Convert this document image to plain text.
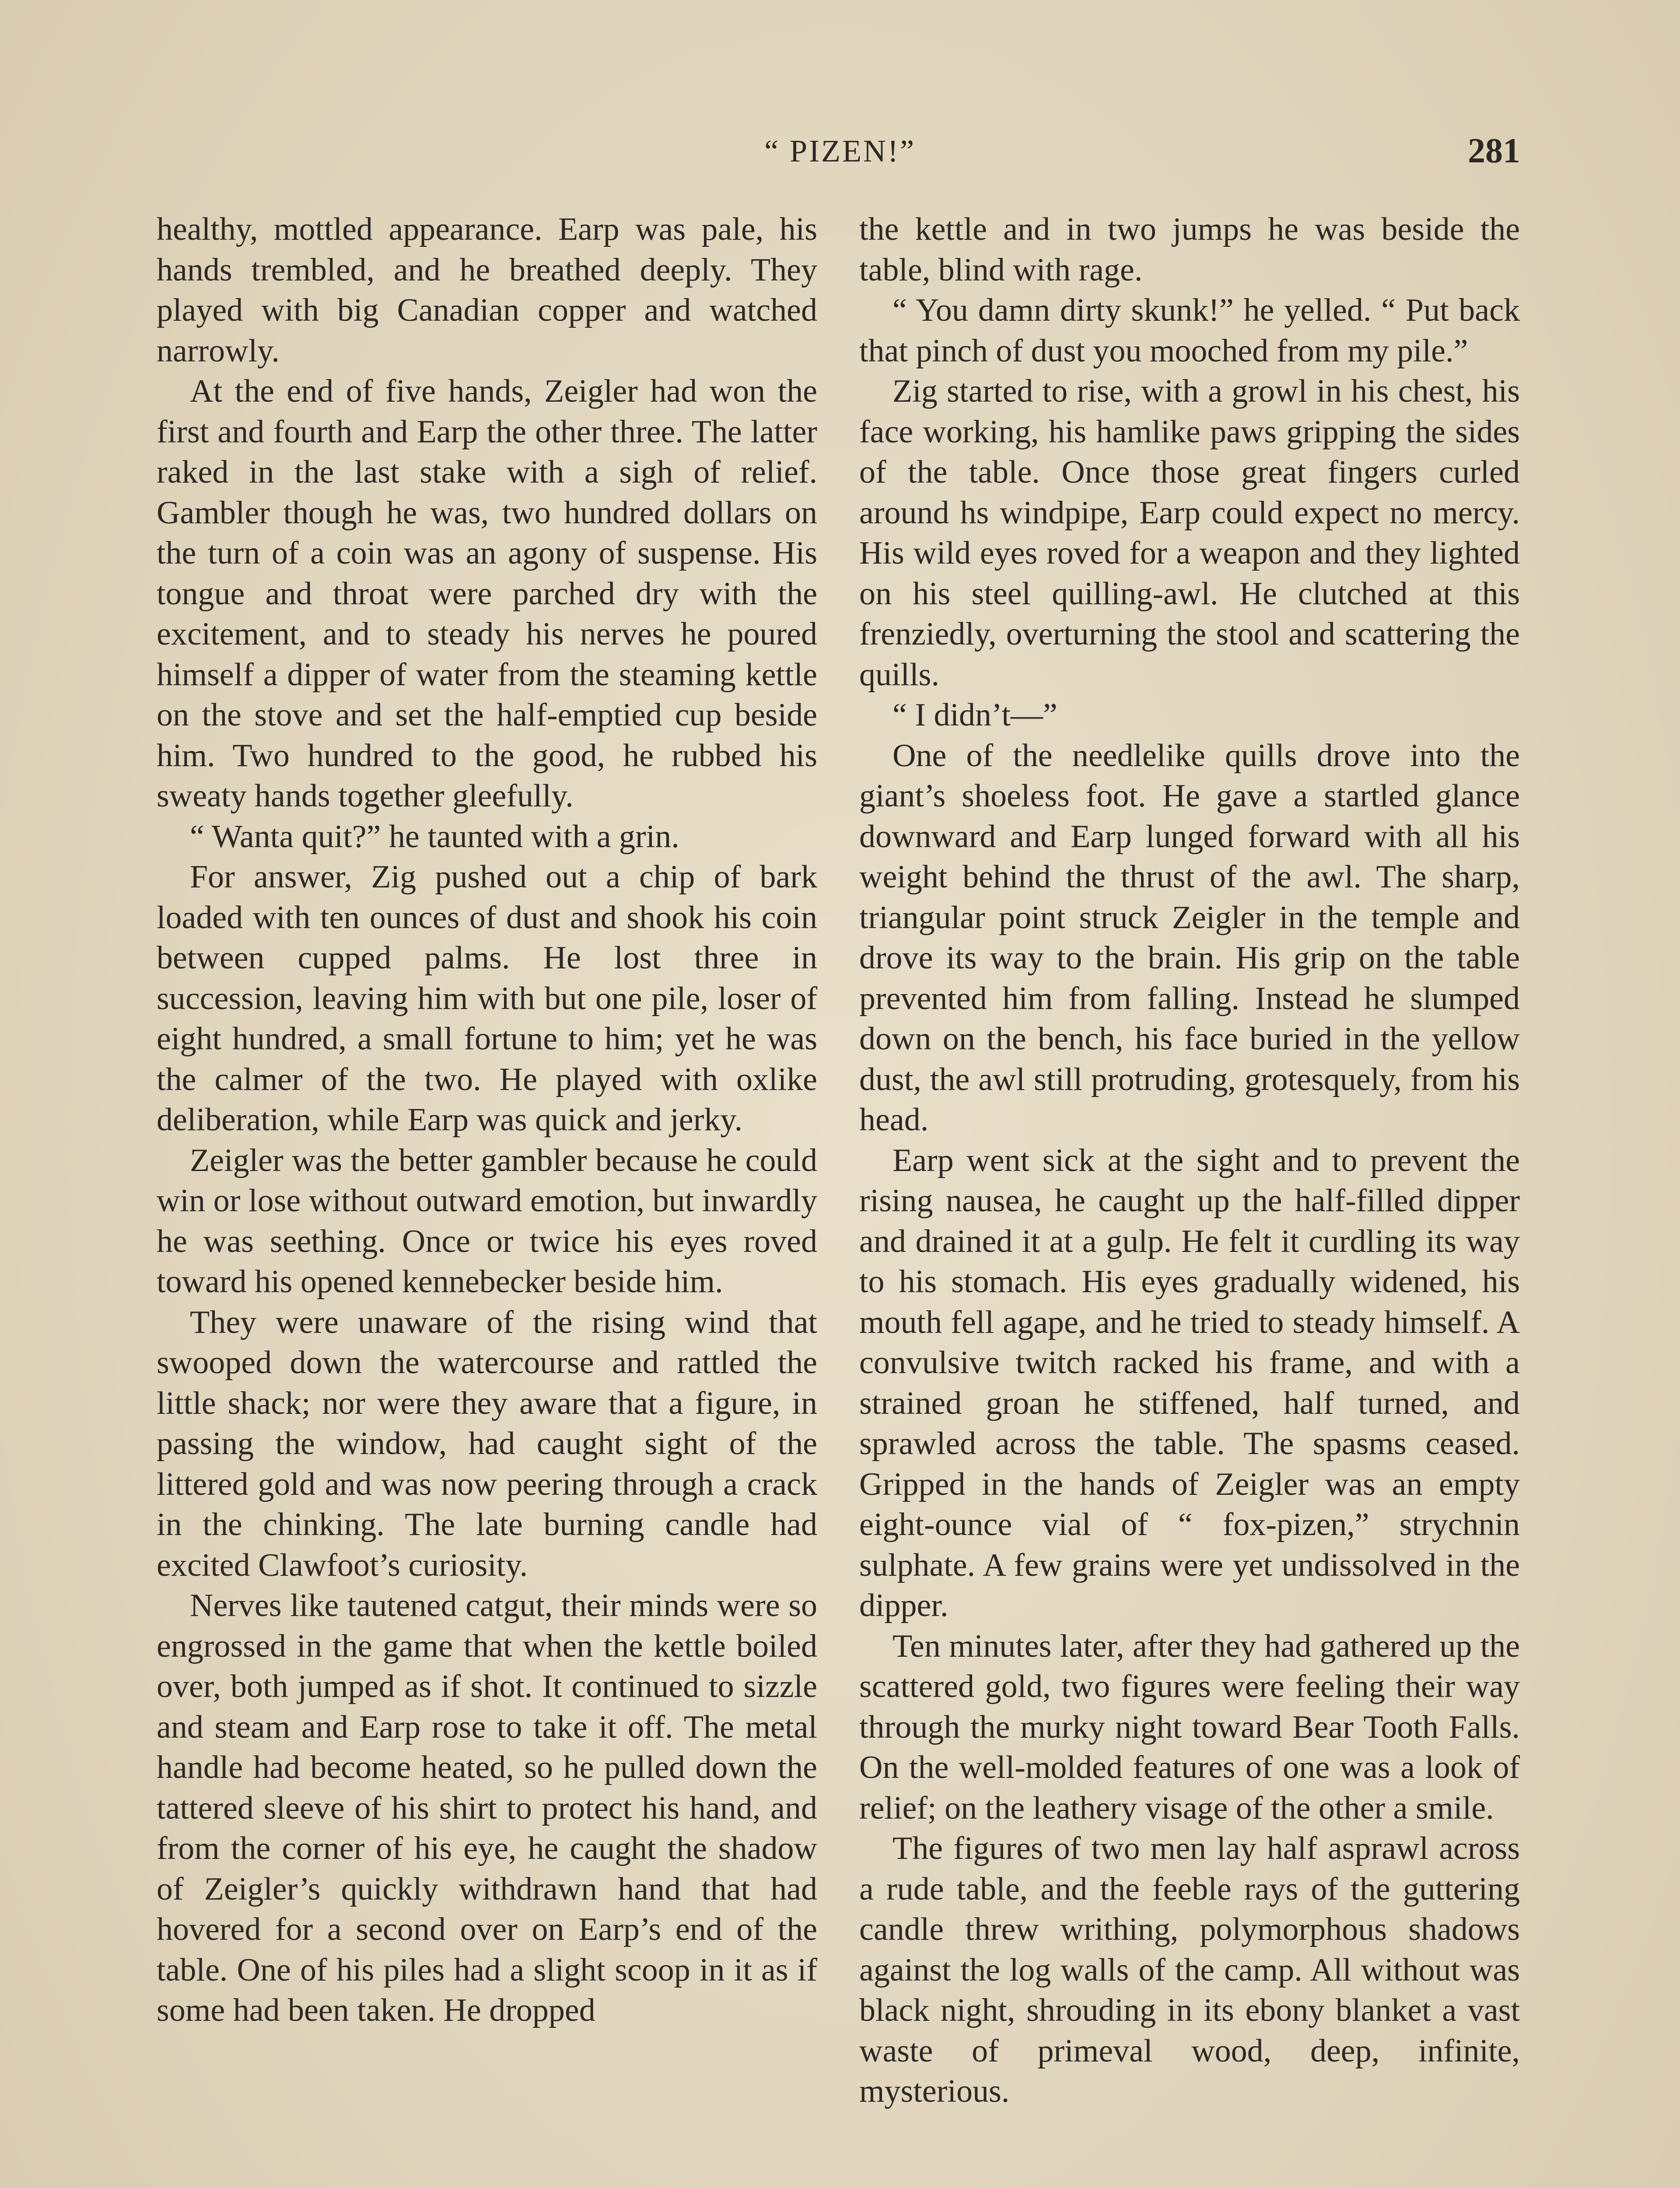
“ PIZEN!”	281

healthy, mottled appearance. Earp was pale, his hands trembled, and he breathed deeply. They played with big Canadian copper and watched narrowly.

At the end of five hands, Zeigler had won the first and fourth and Earp the other three. The latter raked in the last stake with a sigh of relief. Gambler though he was, two hundred dollars on the turn of a coin was an agony of suspense. His tongue and throat were parched dry with the excitement, and to steady his nerves he poured himself a dipper of water from the steaming kettle on the stove and set the half-emptied cup beside him. Two hundred to the good, he rubbed his sweaty hands together gleefully.

“ Wanta quit?” he taunted with a grin.

For answer, Zig pushed out a chip of bark loaded with ten ounces of dust and shook his coin between cupped palms. He lost three in succession, leaving him with but one pile, loser of eight hundred, a small fortune to him; yet he was the calmer of the two. He played with oxlike deliberation, while Earp was quick and jerky.

Zeigler was the better gambler because he could win or lose without outward emotion, but inwardly he was seething. Once or twice his eyes roved toward his opened kennebecker beside him.

They were unaware of the rising wind that swooped down the watercourse and rattled the little shack; nor were they aware that a figure, in passing the window, had caught sight of the littered gold and was now peering through a crack in the chinking. The late burning candle had excited Clawfoot’s curiosity.

Nerves like tautened catgut, their minds were so engrossed in the game that when the kettle boiled over, both jumped as if shot. It continued to sizzle and steam and Earp rose to take it off. The metal handle had become heated, so he pulled down the tattered sleeve of his shirt to protect his hand, and from the corner of his eye, he caught the shadow of Zeigler’s quickly withdrawn hand that had hovered for a second over on Earp’s end of the table. One of his piles had a slight scoop in it as if some had been taken. He dropped

the kettle and in two jumps he was beside the table, blind with rage.

“ You damn dirty skunk!” he yelled. “ Put back that pinch of dust you mooched from my pile.”

Zig started to rise, with a growl in his chest, his face working, his hamlike paws gripping the sides of the table. Once those great fingers curled around hs windpipe, Earp could expect no mercy. His wild eyes roved for a weapon and they lighted on his steel quilling-awl. He clutched at this frenziedly, overturning the stool and scattering the quills.

“ I didn’t—”

One of the needlelike quills drove into the giant’s shoeless foot. He gave a startled glance downward and Earp lunged forward with all his weight behind the thrust of the awl. The sharp, triangular point struck Zeigler in the temple and drove its way to the brain. His grip on the table prevented him from falling. Instead he slumped down on the bench, his face buried in the yellow dust, the awl still protruding, grotesquely, from his head.

Earp went sick at the sight and to prevent the rising nausea, he caught up the half-filled dipper and drained it at a gulp. He felt it curdling its way to his stomach. His eyes gradually widened, his mouth fell agape, and he tried to steady himself. A convulsive twitch racked his frame, and with a strained groan he stiffened, half turned, and sprawled across the table. The spasms ceased. Gripped in the hands of Zeigler was an empty eight-ounce vial of “ fox-pizen,” strychnin sulphate. A few grains were yet undissolved in the dipper.

Ten minutes later, after they had gathered up the scattered gold, two figures were feeling their way through the murky night toward Bear Tooth Falls. On the well-molded features of one was a look of relief; on the leathery visage of the other a smile.

The figures of two men lay half asprawl across a rude table, and the feeble rays of the guttering candle threw writhing, polymorphous shadows against the log walls of the camp. All without was black night, shrouding in its ebony blanket a vast waste of primeval wood, deep, infinite, mysterious.
